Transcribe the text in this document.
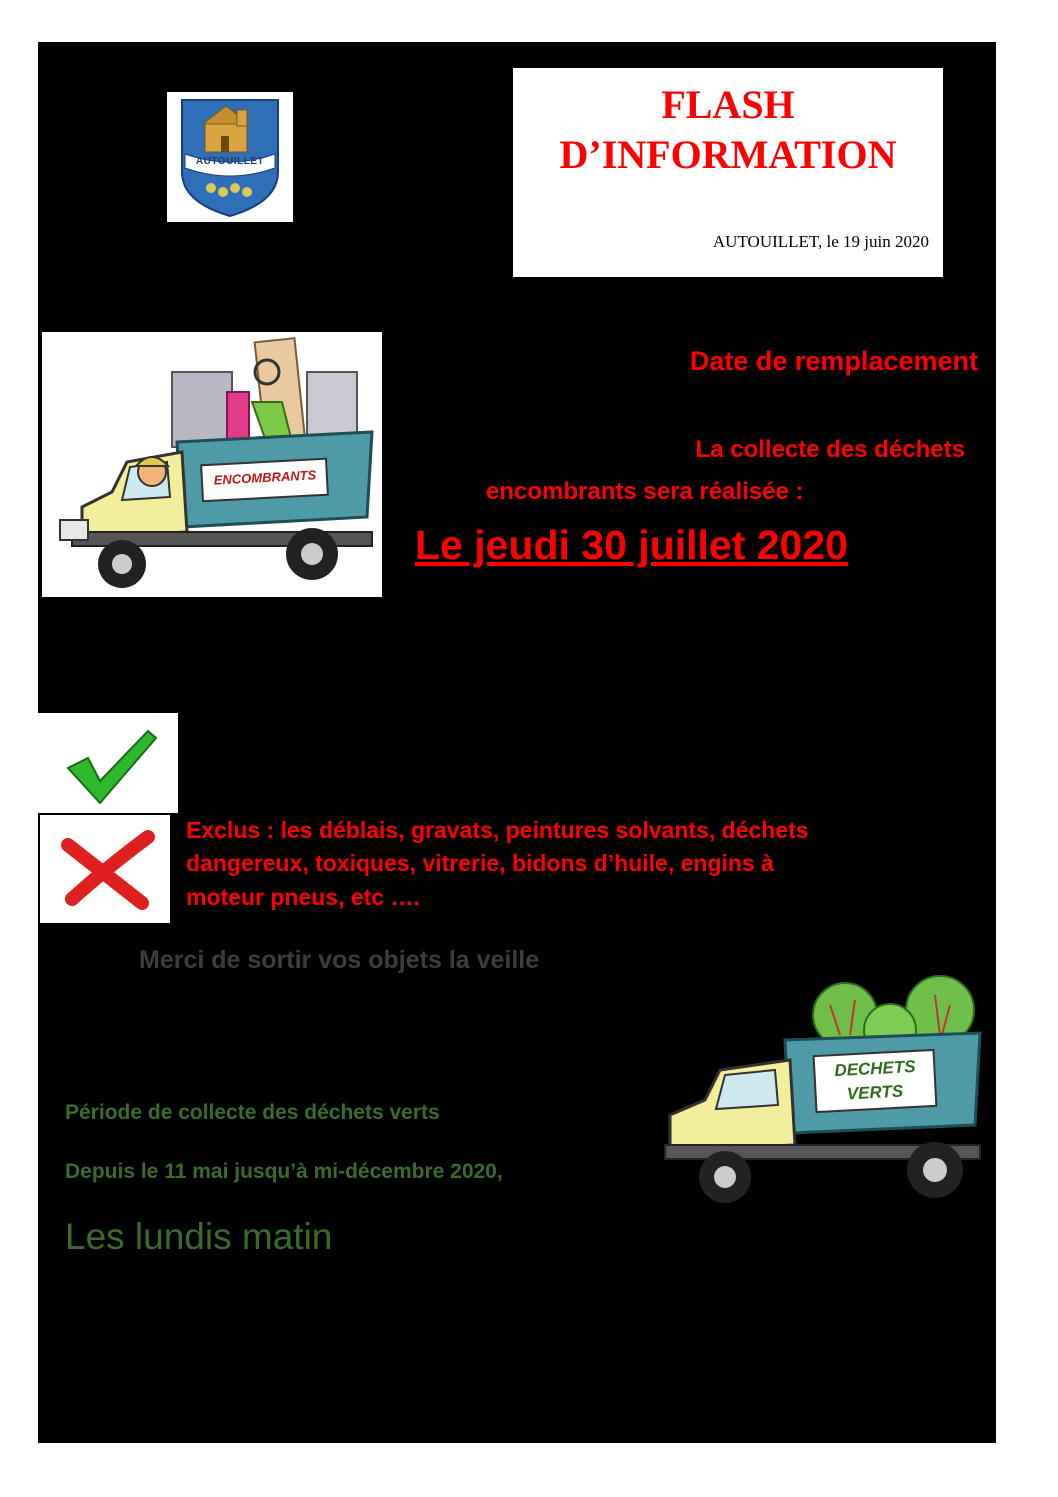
AUTOUILLET
FLASH
D’INFORMATION
AUTOUILLET, le 19 juin 2020
ENCOMBRANTS
Date de remplacement
La collecte des déchets
encombrants sera réalisée :
Le jeudi 30 juillet 2020
Exclus : les déblais, gravats, peintures solvants, déchets
dangereux, toxiques, vitrerie, bidons d’huile, engins à
moteur pneus, etc ….
Merci de sortir vos objets la veille
Période de collecte des déchets verts
Depuis le 11 mai jusqu’à mi-décembre 2020,
Les lundis matin
DECHETS
VERTS
